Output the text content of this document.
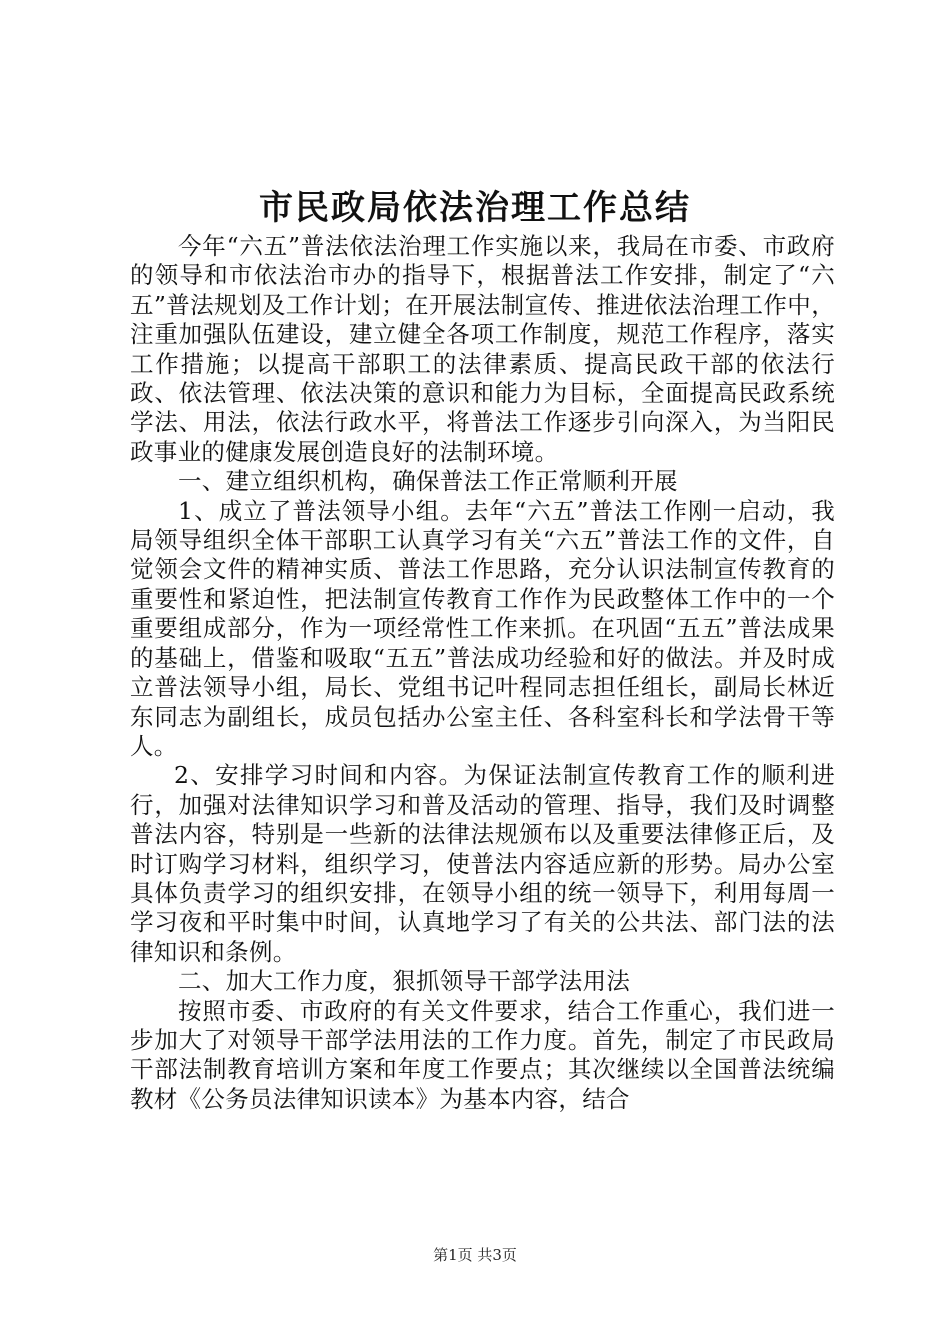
市民政局依法治理工作总结

今年“六五”普法依法治理工作实施以来，我局在市委、市政府的领导和市依法治市办的指导下，根据普法工作安排，制定了“六五”普法规划及工作计划；在开展法制宣传、推进依法治理工作中，注重加强队伍建设，建立健全各项工作制度，规范工作程序，落实工作措施；以提高干部职工的法律素质、提高民政干部的依法行政、依法管理、依法决策的意识和能力为目标，全面提高民政系统学法、用法，依法行政水平，将普法工作逐步引向深入，为当阳民政事业的健康发展创造良好的法制环境。

一、建立组织机构，确保普法工作正常顺利开展

1、成立了普法领导小组。去年“六五”普法工作刚一启动，我局领导组织全体干部职工认真学习有关“六五”普法工作的文件，自觉领会文件的精神实质、普法工作思路，充分认识法制宣传教育的重要性和紧迫性，把法制宣传教育工作作为民政整体工作中的一个重要组成部分，作为一项经常性工作来抓。在巩固“五五”普法成果的基础上，借鉴和吸取“五五”普法成功经验和好的做法。并及时成立普法领导小组，局长、党组书记叶程同志担任组长，副局长林近东同志为副组长，成员包括办公室主任、各科室科长和学法骨干等人。

2、安排学习时间和内容。为保证法制宣传教育工作的顺利进行，加强对法律知识学习和普及活动的管理、指导，我们及时调整普法内容，特别是一些新的法律法规颁布以及重要法律修正后，及时订购学习材料，组织学习，使普法内容适应新的形势。局办公室具体负责学习的组织安排，在领导小组的统一领导下，利用每周一学习夜和平时集中时间，认真地学习了有关的公共法、部门法的法律知识和条例。

二、加大工作力度，狠抓领导干部学法用法

按照市委、市政府的有关文件要求，结合工作重心，我们进一步加大了对领导干部学法用法的工作力度。首先，制定了市民政局干部法制教育培训方案和年度工作要点；其次继续以全国普法统编教材《公务员法律知识读本》为基本内容，结合

第1页 共3页
